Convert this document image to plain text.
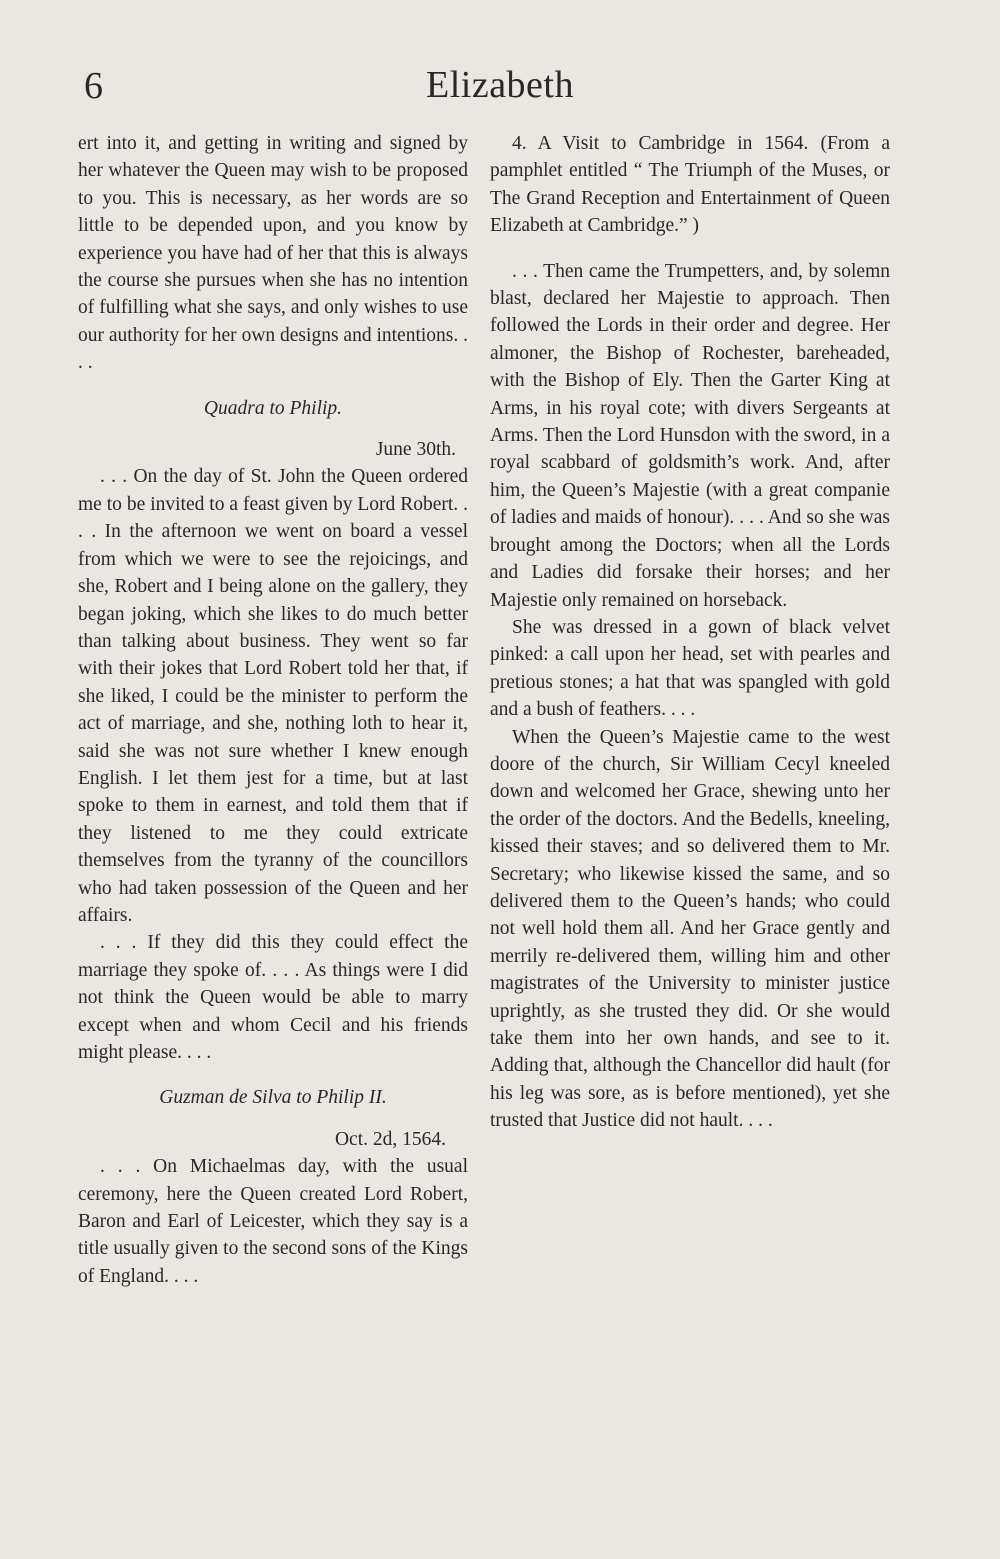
6	Elizabeth

ert into it, and getting in writing and signed by her whatever the Queen may wish to be proposed to you. This is necessary, as her words are so little to be depended upon, and you know by experience you have had of her that this is always the course she pursues when she has no intention of fulfilling what she says, and only wishes to use our authority for her own designs and intentions. . . .

Quadra to Philip.

June 30th.

. . . On the day of St. John the Queen ordered me to be invited to a feast given by Lord Robert. . . . In the afternoon we went on board a vessel from which we were to see the rejoicings, and she, Robert and I being alone on the gallery, they began joking, which she likes to do much better than talking about business. They went so far with their jokes that Lord Robert told her that, if she liked, I could be the minister to perform the act of marriage, and she, nothing loth to hear it, said she was not sure whether I knew enough English. I let them jest for a time, but at last spoke to them in earnest, and told them that if they listened to me they could extricate themselves from the tyranny of the councillors who had taken possession of the Queen and her affairs.

. . . If they did this they could effect the marriage they spoke of. . . . As things were I did not think the Queen would be able to marry except when and whom Cecil and his friends might please. . . .

Guzman de Silva to Philip II.

Oct. 2d, 1564.

. . . On Michaelmas day, with the usual ceremony, here the Queen created Lord Robert, Baron and Earl of Leicester, which they say is a title usually given to the second sons of the Kings of England. . . .

4. A Visit to Cambridge in 1564. (From a pamphlet entitled “ The Triumph of the Muses, or The Grand Reception and Entertainment of Queen Elizabeth at Cambridge.” )

. . . Then came the Trumpetters, and, by solemn blast, declared her Majestie to approach. Then followed the Lords in their order and degree. Her almoner, the Bishop of Rochester, bareheaded, with the Bishop of Ely. Then the Garter King at Arms, in his royal cote; with divers Sergeants at Arms. Then the Lord Hunsdon with the sword, in a royal scabbard of goldsmith’s work. And, after him, the Queen’s Majestie (with a great companie of ladies and maids of honour). . . . And so she was brought among the Doctors; when all the Lords and Ladies did forsake their horses; and her Majestie only remained on horseback.

She was dressed in a gown of black velvet pinked: a call upon her head, set with pearles and pretious stones; a hat that was spangled with gold and a bush of feathers. . . .

When the Queen’s Majestie came to the west doore of the church, Sir William Cecyl kneeled down and welcomed her Grace, shewing unto her the order of the doctors. And the Bedells, kneeling, kissed their staves; and so delivered them to Mr. Secretary; who likewise kissed the same, and so delivered them to the Queen’s hands; who could not well hold them all. And her Grace gently and merrily re-delivered them, willing him and other magistrates of the University to minister justice uprightly, as she trusted they did. Or she would take them into her own hands, and see to it. Adding that, although the Chancellor did hault (for his leg was sore, as is before mentioned), yet she trusted that Justice did not hault. . . .
